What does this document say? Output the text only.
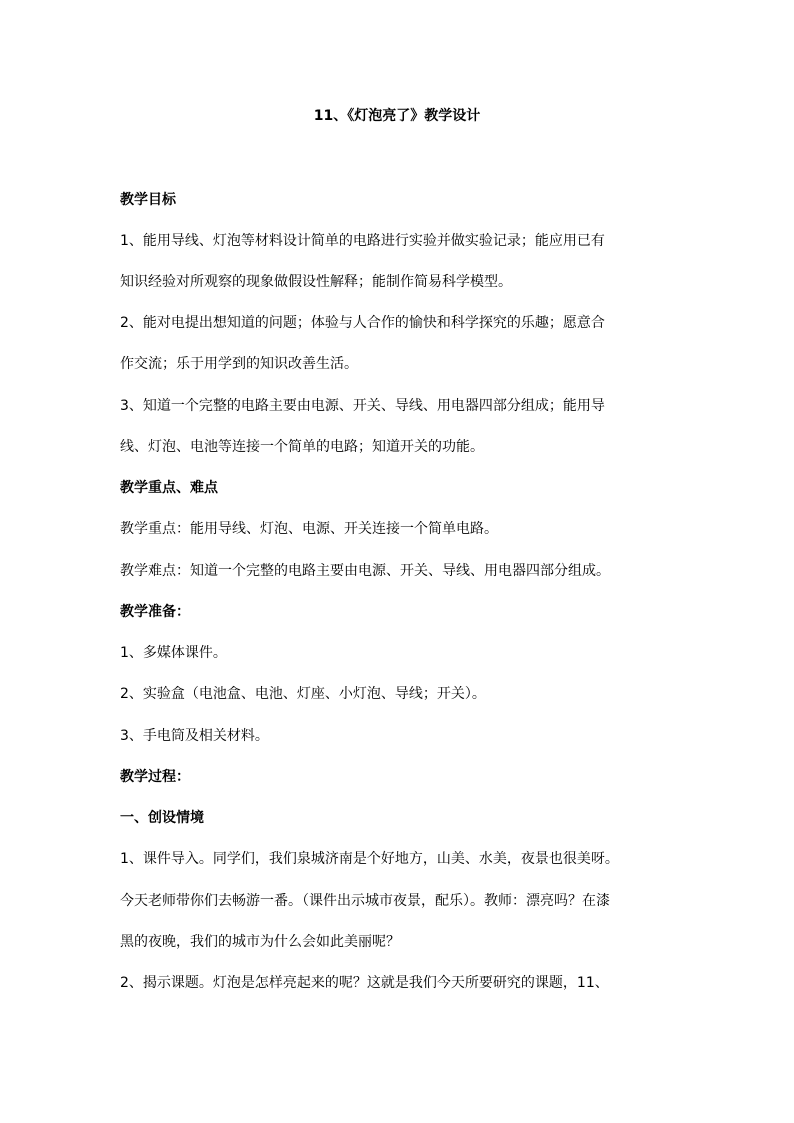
11、《灯泡亮了》教学设计
教学目标
1、能用导线、灯泡等材料设计简单的电路进行实验并做实验记录；能应用已有
知识经验对所观察的现象做假设性解释；能制作简易科学模型。
2、能对电提出想知道的问题；体验与人合作的愉快和科学探究的乐趣；愿意合
作交流；乐于用学到的知识改善生活。
3、知道一个完整的电路主要由电源、开关、导线、用电器四部分组成；能用导
线、灯泡、电池等连接一个简单的电路；知道开关的功能。
教学重点、难点
教学重点：能用导线、灯泡、电源、开关连接一个简单电路。
教学难点：知道一个完整的电路主要由电源、开关、导线、用电器四部分组成。
教学准备：
1、多媒体课件。
2、实验盒（电池盒、电池、灯座、小灯泡、导线；开关）。
3、手电筒及相关材料。
教学过程：
一、创设情境
1、课件导入。同学们，我们泉城济南是个好地方，山美、水美，夜景也很美呀。
今天老师带你们去畅游一番。（课件出示城市夜景，配乐）。教师：漂亮吗？在漆
黑的夜晚，我们的城市为什么会如此美丽呢？
2、揭示课题。灯泡是怎样亮起来的呢？这就是我们今天所要研究的课题，11、
